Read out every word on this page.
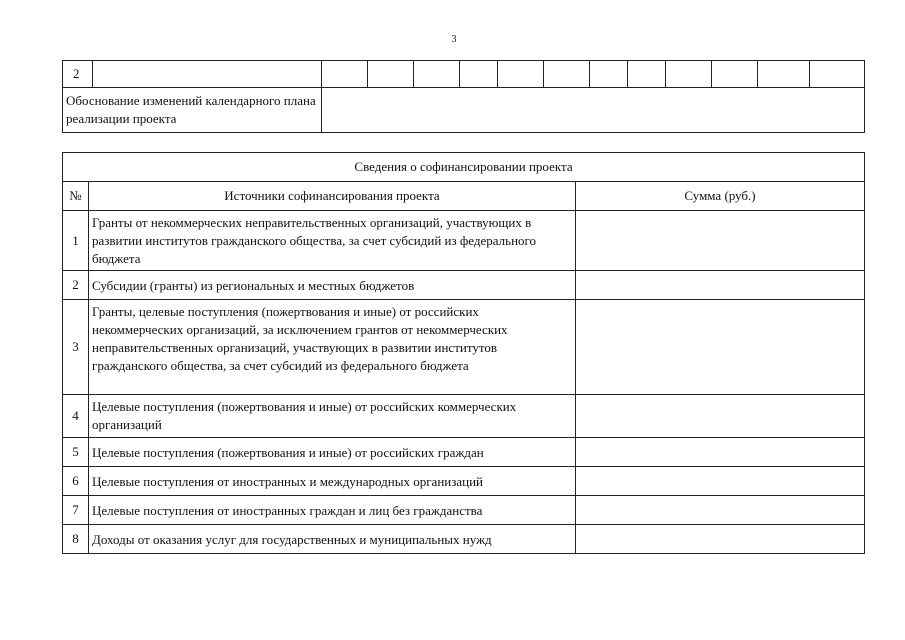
3
2													
Обоснование изменений календарного плана реализации проекта													
Сведения о софинансировании проекта		
№	Источники софинансирования проекта	Сумма (руб.)
1	Гранты от некоммерческих неправительственных организаций, участвующих в развитии институтов гражданского общества, за счет субсидий из федерального бюджета	
2	Субсидии (гранты) из региональных и местных бюджетов	
3	Гранты, целевые поступления (пожертвования и иные) от российских некоммерческих организаций, за исключением грантов от некоммерческих неправительственных организаций, участвующих в развитии институтов гражданского общества, за счет субсидий из федерального бюджета	
4	Целевые поступления (пожертвования и иные) от российских коммерческих организаций	
5	Целевые поступления (пожертвования и иные) от российских граждан	
6	Целевые поступления от иностранных и международных организаций	
7	Целевые поступления от иностранных граждан и лиц без гражданства	
8	Доходы от оказания услуг для государственных и муниципальных нужд	
